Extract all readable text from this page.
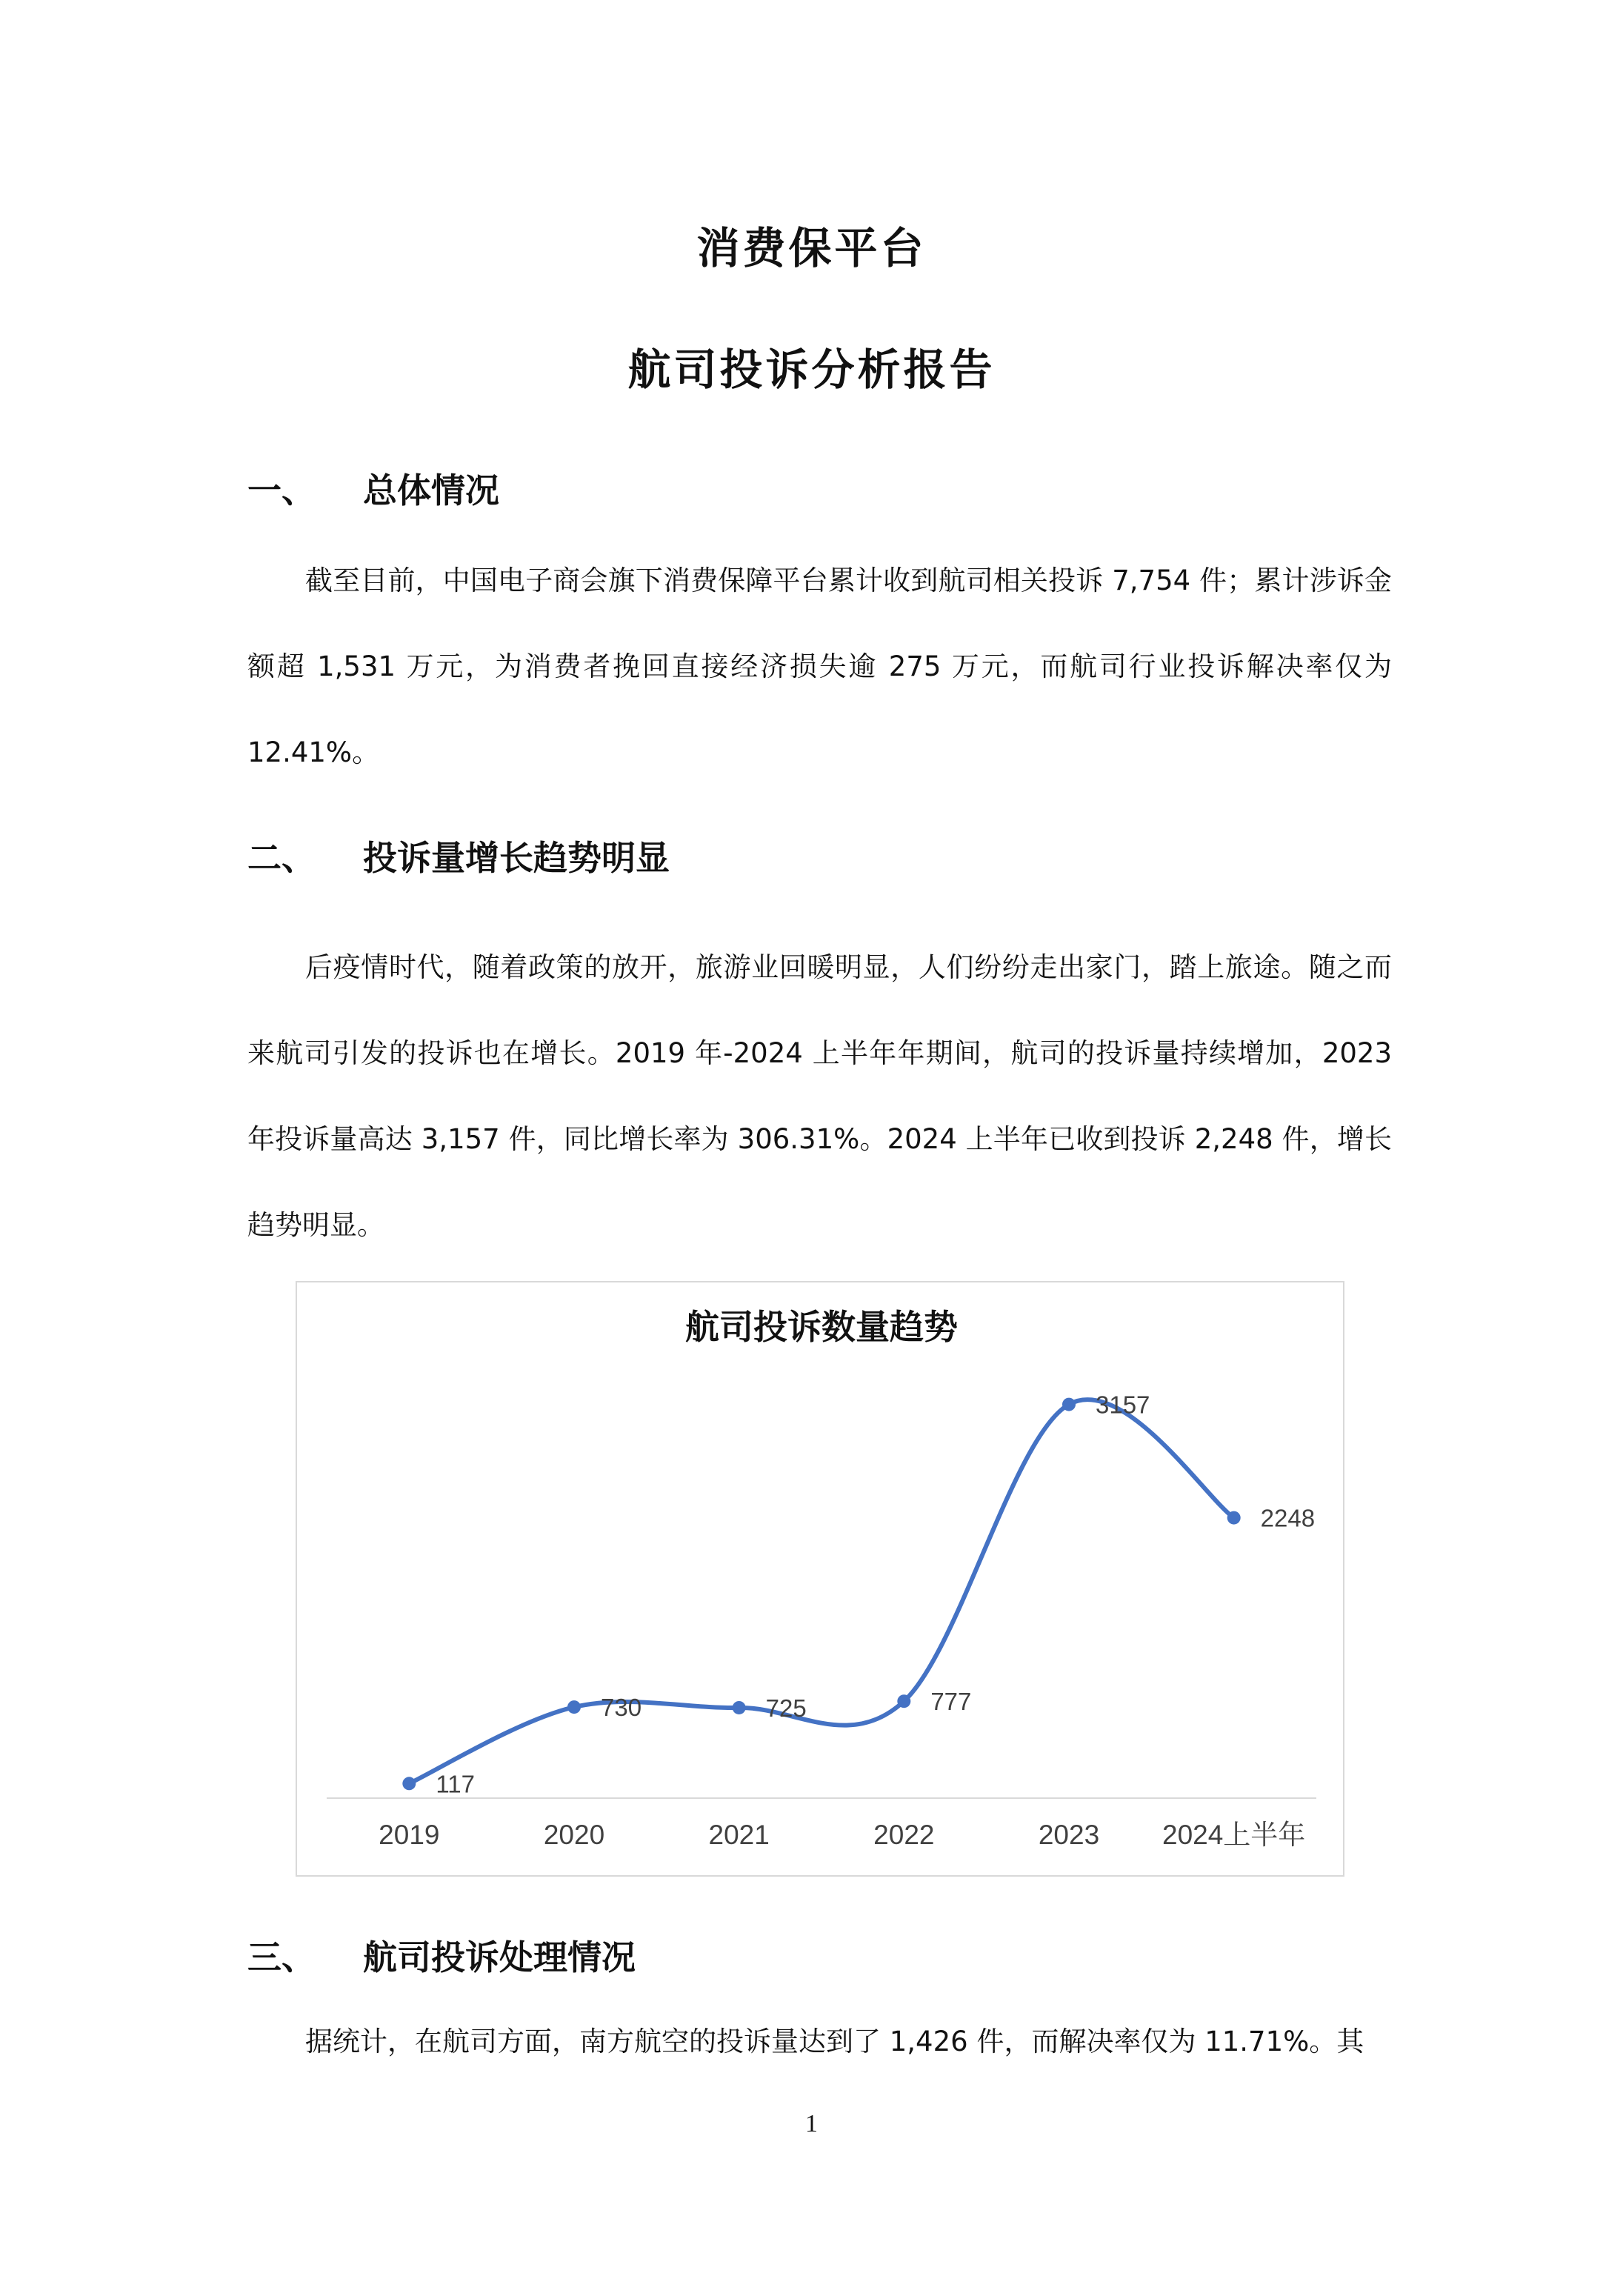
消费保平台
航司投诉分析报告
一、 总体情况

截至目前，中国电子商会旗下消费保障平台累计收到航司相关投诉 7,754 件；累计涉诉金额超 1,531 万元，为消费者挽回直接经济损失逾 275 万元，而航司行业投诉解决率仅为 12.41%。

二、 投诉量增长趋势明显

后疫情时代，随着政策的放开，旅游业回暖明显，人们纷纷走出家门，踏上旅途。随之而来航司引发的投诉也在增长。2019 年-2024 上半年年期间，航司的投诉量持续增加，2023 年投诉量高达 3,157 件，同比增长率为 306.31%。2024 上半年已收到投诉 2,248 件，增长趋势明显。

航司投诉数量趋势
117
730	725	777
3157
2248
2019	2020	2021	2022	2023 2024上半年
三、 航司投诉处理情况

据统计，在航司方面，南方航空的投诉量达到了 1,426 件，而解决率仅为 11.71%。其

1
